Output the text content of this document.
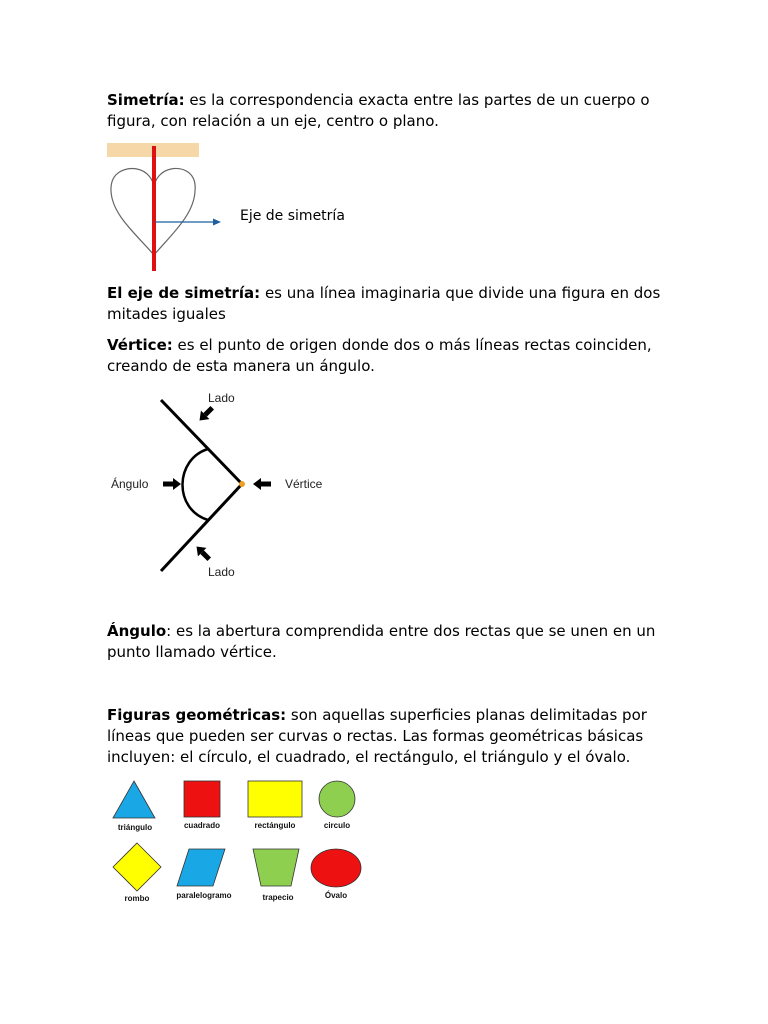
Simetría: es la correspondencia exacta entre las partes de un cuerpo o figura, con relación a un eje, centro o plano.

Eje de simetría

El eje de simetría: es una línea imaginaria que divide una figura en dos mitades iguales

Vértice: es el punto de origen donde dos o más líneas rectas coinciden, creando de esta manera un ángulo.

Lado
Ángulo	Vértice
Lado

Ángulo: es la abertura comprendida entre dos rectas que se unen en un punto llamado vértice.

Figuras geométricas: son aquellas superficies planas delimitadas por líneas que pueden ser curvas o rectas. Las formas geométricas básicas incluyen: el círculo, el cuadrado, el rectángulo, el triángulo y el óvalo.

triángulo	cuadrado	rectángulo	circulo
rombo	paralelogramo	trapecio	Óvalo
